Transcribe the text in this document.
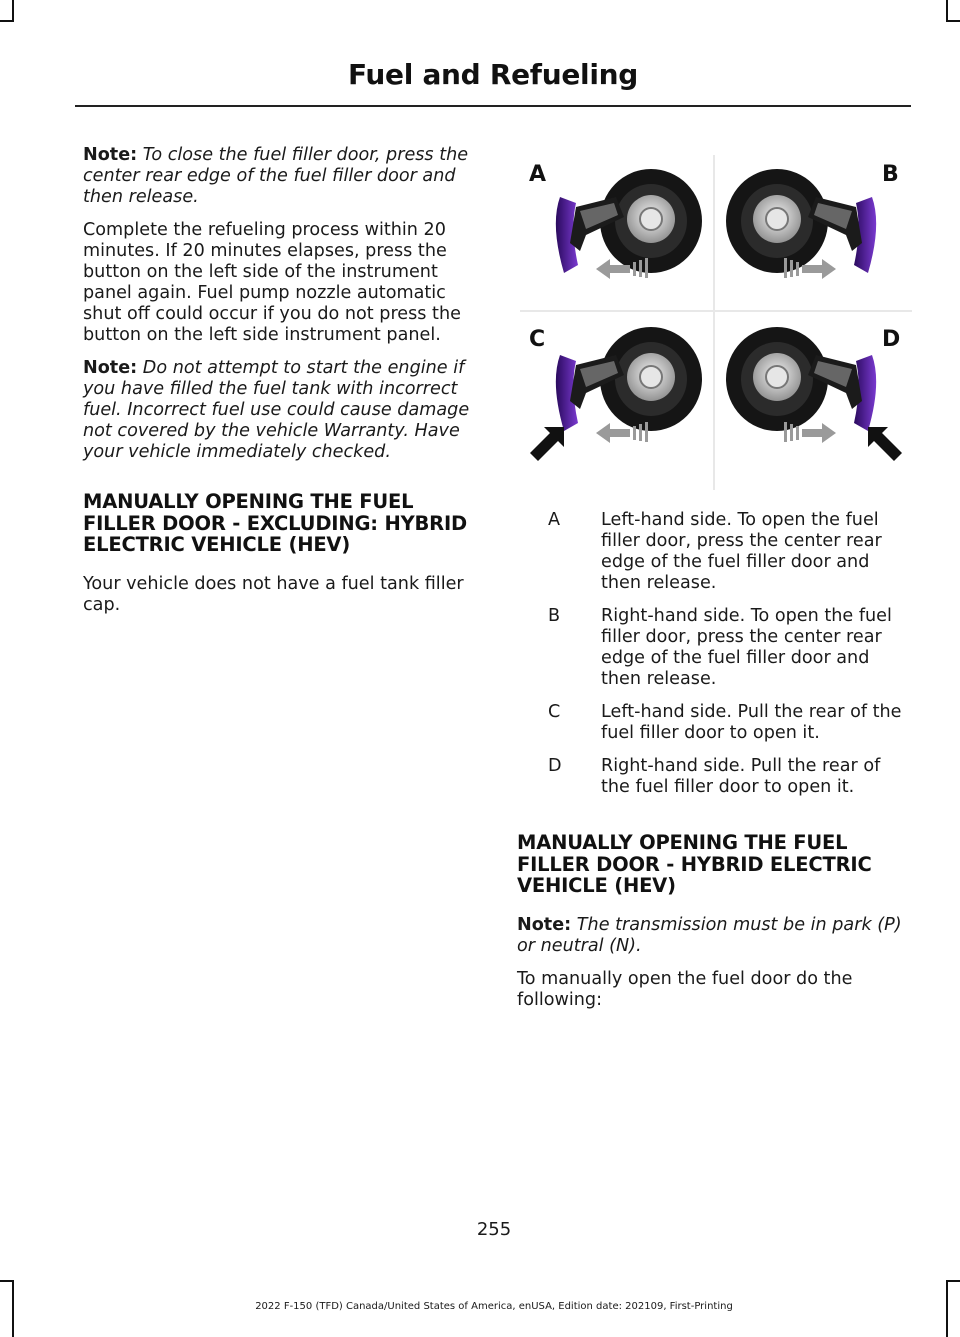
Fuel and Refueling

Note: To close the fuel filler door, press the center rear edge of the fuel filler door and then release.

Complete the refueling process within 20 minutes. If 20 minutes elapses, press the button on the left side of the instrument panel again. Fuel pump nozzle automatic shut off could occur if you do not press the button on the left side instrument panel.

Note: Do not attempt to start the engine if you have filled the fuel tank with incorrect fuel. Incorrect fuel use could cause damage not covered by the vehicle Warranty. Have your vehicle immediately checked.

MANUALLY OPENING THE FUEL FILLER DOOR - EXCLUDING: HYBRID ELECTRIC VEHICLE (HEV)

Your vehicle does not have a fuel tank filler cap.

A	B
C	D
A	Left-hand side. To open the fuel filler door, press the center rear edge of the fuel filler door and then release.
B	Right-hand side. To open the fuel filler door, press the center rear edge of the fuel filler door and then release.
C	Left-hand side. Pull the rear of the fuel filler door to open it.
D	Right-hand side. Pull the rear of the fuel filler door to open it.
MANUALLY OPENING THE FUEL FILLER DOOR - HYBRID ELECTRIC VEHICLE (HEV)

Note: The transmission must be in park (P) or neutral (N).

To manually open the fuel door do the following:

255
2022 F-150 (TFD) Canada/United States of America, enUSA, Edition date: 202109, First-Printing
